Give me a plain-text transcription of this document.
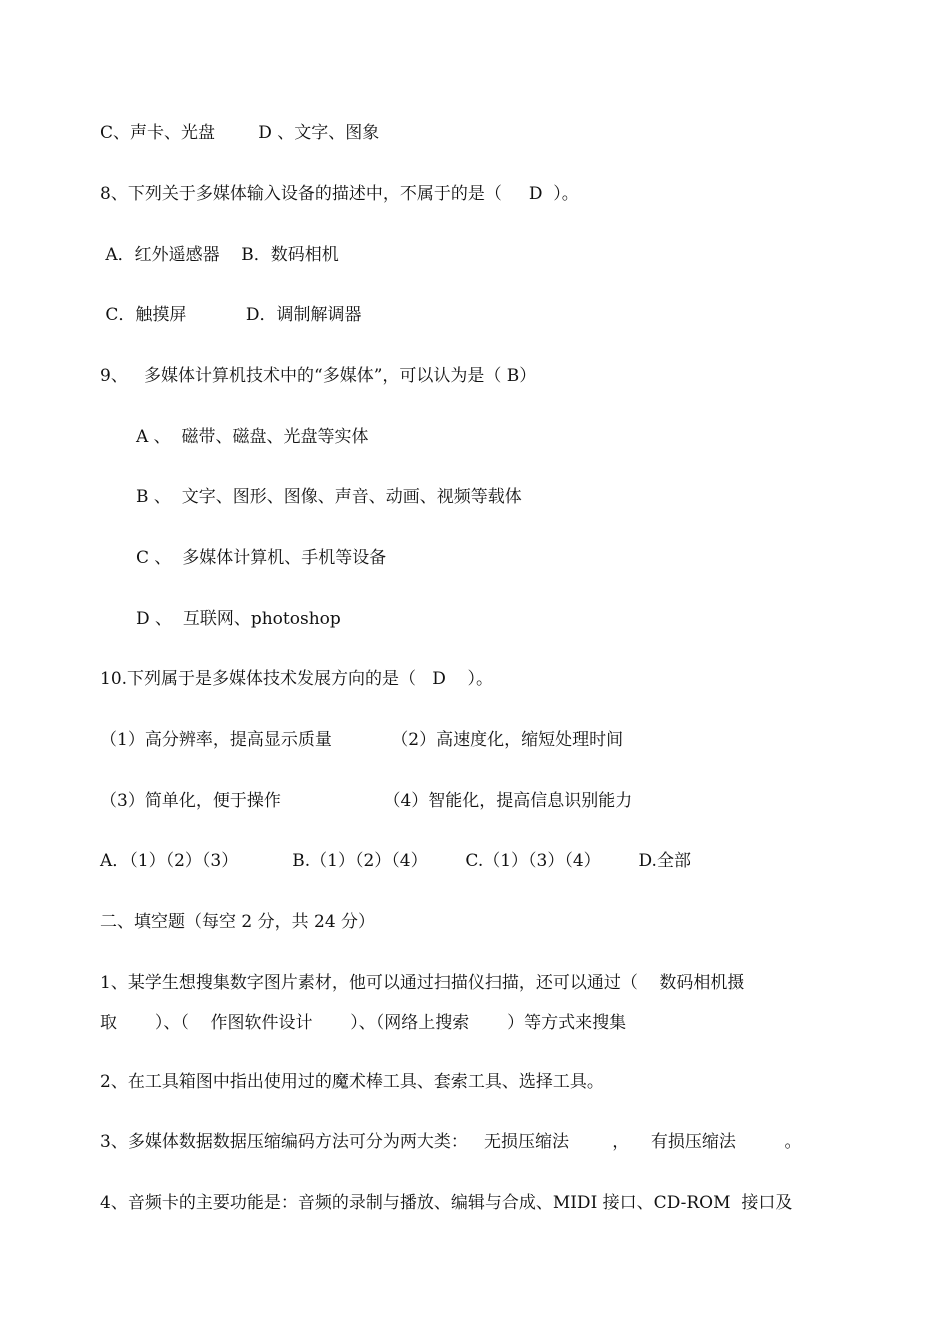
C、声卡、光盘        D 、文字、图象
8、下列关于多媒体输入设备的描述中，不属于的是（     D  ）。
A．红外遥感器    B．数码相机
C．触摸屏           D．调制解调器
9、   多媒体计算机技术中的“多媒体”，可以认为是（ B）
A 、  磁带、磁盘、光盘等实体
B 、  文字、图形、图像、声音、动画、视频等载体
C 、  多媒体计算机、手机等设备
D 、  互联网、photoshop
10.下列属于是多媒体技术发展方向的是（   D    ）。
（1）高分辨率，提高显示质量           （2）高速度化，缩短处理时间
（3）简单化，便于操作                   （4）智能化，提高信息识别能力
A．（1）（2）（3）          B.（1）（2）（4）       C.（1）（3）（4）       D.全部
二、填空题（每空 2 分，共 24 分）
1、某学生想搜集数字图片素材，他可以通过扫描仪扫描，还可以通过（    数码相机摄
取       ）、（    作图软件设计       ）、（网络上搜索       ）等方式来搜集
2、在工具箱图中指出使用过的魔术棒工具、套索工具、选择工具。
3、多媒体数据数据压缩编码方法可分为两大类：   无损压缩法        ，    有损压缩法         。
4、音频卡的主要功能是：音频的录制与播放、编辑与合成、MIDI 接口、CD-ROM  接口及
